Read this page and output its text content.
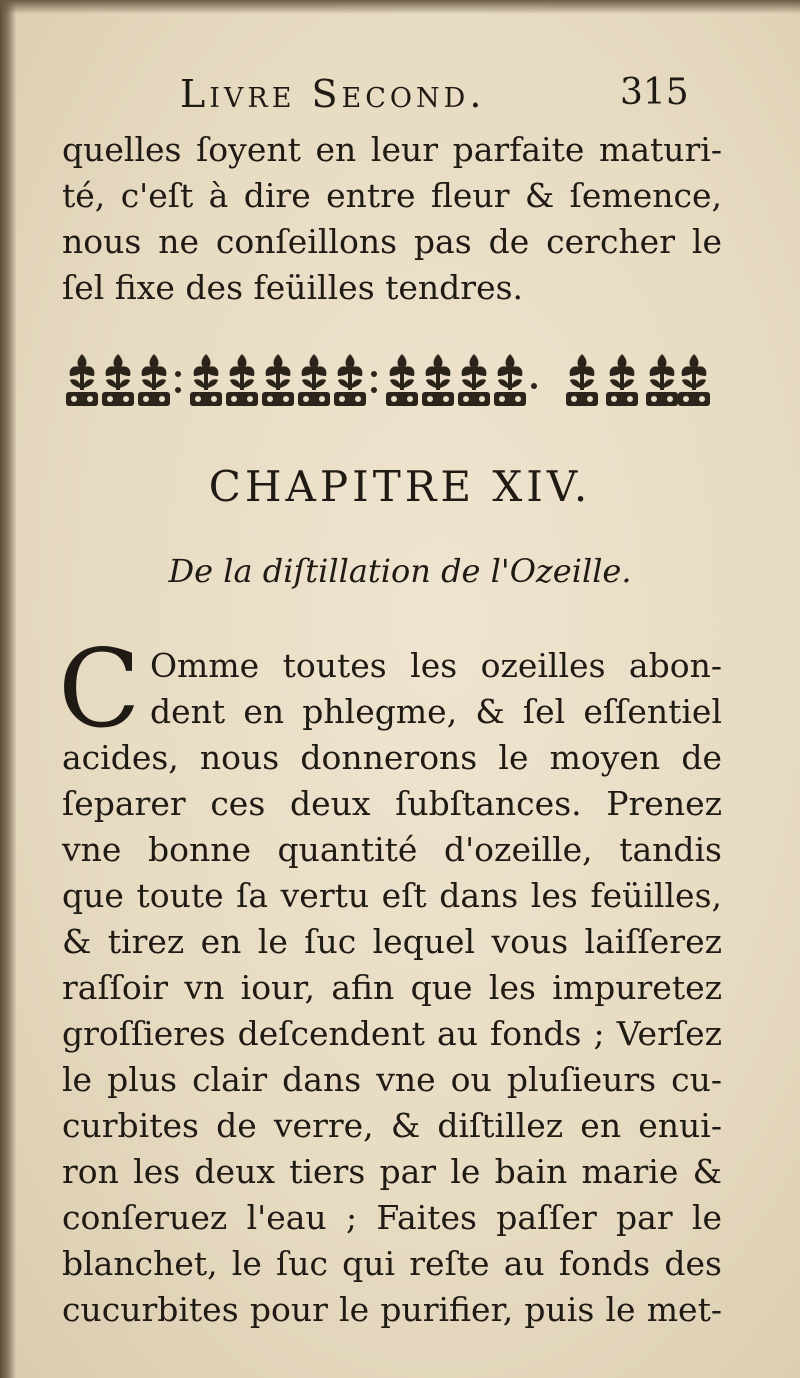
Livre Second.	315
quelles ſoyent en leur parfaite maturi-
té, c'eſt à dire entre fleur & ſemence,
nous ne conſeillons pas de cercher le
ſel fixe des feüilles tendres.
CHAPITRE XIV.
De la diſtillation de l'Ozeille.
C Omme toutes les ozeilles abon-
dent en phlegme, & ſel eſſentiel
acides, nous donnerons le moyen de
ſeparer ces deux ſubſtances. Prenez
vne bonne quantité d'ozeille, tandis
que toute ſa vertu eſt dans les feüilles,
& tirez en le ſuc lequel vous laiſſerez
raſſoir vn iour, afin que les impuretez
groſſieres deſcendent au fonds ; Verſez
le plus clair dans vne ou pluſieurs cu-
curbites de verre, & diſtillez en enui-
ron les deux tiers par le bain marie &
conſeruez l'eau ; Faites paſſer par le
blanchet, le ſuc qui reſte au fonds des
cucurbites pour le purifier, puis le met-
